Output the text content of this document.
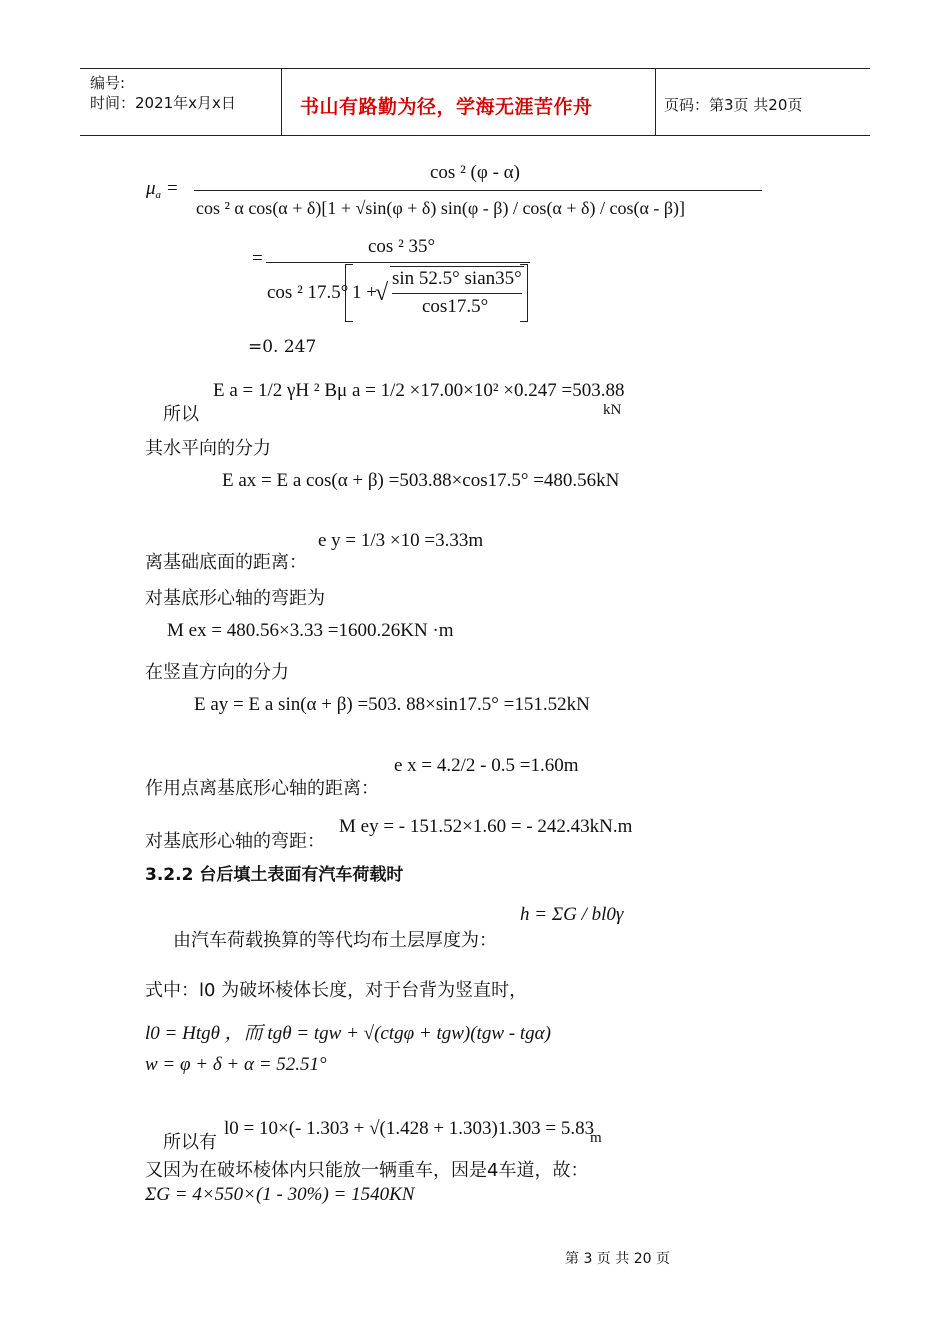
编号:
时间：2021年x月x日	书山有路勤为径，学海无涯苦作舟	页码：第3页 共20页
$\mu_a$ =
cos ² (φ - α)
cos ² α cos(α + δ)[1 + √sin(φ + δ) sin(φ - β) / cos(α + δ) / cos(α - β)]
=
cos ² 35°
cos ² 17.5° 1 +
√
sin 52.5° sian35°
cos17.5°
=0. 247
所以
E a = 1/2 γH ² Bμ a = 1/2 ×17.00×10² ×0.247 =503.88
kN
其水平向的分力
E ax = E a cos(α + β) =503.88×cos17.5° =480.56kN
离基础底面的距离：
e y = 1/3 ×10 =3.33m
对基底形心轴的弯距为
M ex = 480.56×3.33 =1600.26KN ·m
在竖直方向的分力
E ay = E a sin(α + β) =503. 88×sin17.5° =151.52kN
作用点离基底形心轴的距离：
e x = 4.2/2 - 0.5 =1.60m
对基底形心轴的弯距：
M ey = - 151.52×1.60 = - 242.43kN.m
3.2.2 台后填土表面有汽车荷载时
由汽车荷载换算的等代均布土层厚度为：
h = ΣG / bl0γ
式中：l0 为破坏棱体长度，对于台背为竖直时，
l0 = Htgθ ，而 tgθ = tgw + √(ctgφ + tgw)(tgw - tgα)
w = φ + δ + α = 52.51°
所以有
l0 = 10×(- 1.303 + √(1.428 + 1.303)1.303 = 5.83
m
又因为在破坏棱体内只能放一辆重车，因是4车道，故：
ΣG = 4×550×(1 - 30%) = 1540KN
第 3 页 共 20 页
